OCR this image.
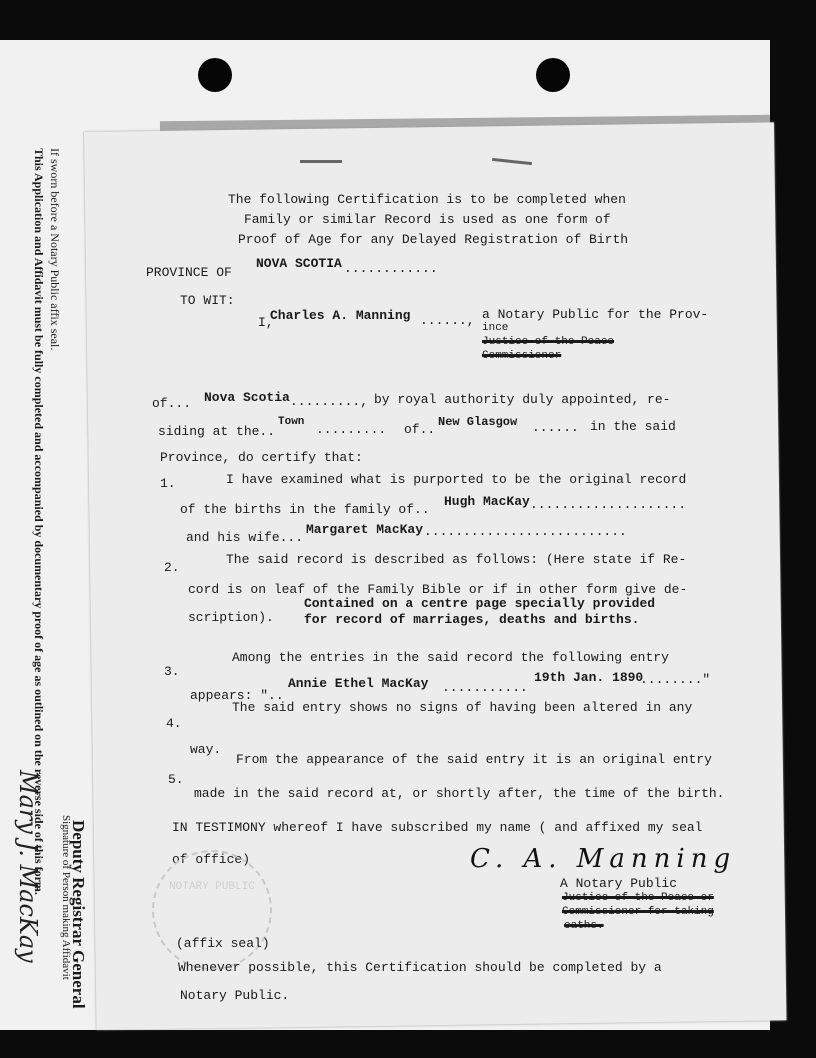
If sworn before a Notary Public affix seal.
This Application and Affidavit must be fully completed and accompanied by documentary proof of age as outlined on the reverse side of this form.
Signature of Person making Affidavit
Mary J. MacKay Deputy Registrar General
The following Certification is to be completed when
Family or similar Record is used as one form of
Proof of Age for any Delayed Registration of Birth
PROVINCE OF
NOVA SCOTIA ............
TO WIT:
I,
Charles A. Manning ......, a Notary Public for the Prov-
ince
Justice of the Peace
Commissioner
of... Nova Scotia ........., by royal authority duly appointed, re-
siding at the..
Town ......... of.. New Glasgow ...... in the said
Province, do certify that:
1.	I have examined what is purported to be the original record
of the births in the family of..
Hugh MacKay ....................
and his wife...
Margaret MacKay ..........................
2.
The said record is described as follows: (Here state if Re-
cord is on leaf of the Family Bible or if in other form give de-
scription).
Contained on a centre page specially provided
for record of marriages, deaths and births.
3.
Among the entries in the said record the following entry
appears: "..
Annie Ethel MacKay ...........
19th Jan. 1890
........"
4.
The said entry shows no signs of having been altered in any
way.
5.
From the appearance of the said entry it is an original entry
made in the said record at, or shortly after, the time of the birth.
IN TESTIMONY whereof I have subscribed my name ( and affixed my seal
of office)	C. A. Manning
A Notary Public
Justice of the Peace or
Commissioner for taking
oaths.
NOTARY PUBLIC
(affix seal)
Whenever possible, this Certification should be completed by a
Notary Public.
